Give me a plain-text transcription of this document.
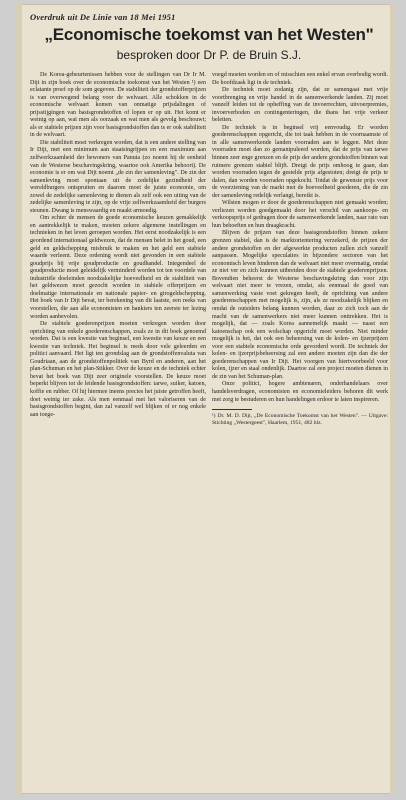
Overdruk uit De Linie van 18 Mei 1951
„Economische toekomst van het Westen"
besproken door Dr P. de Bruin S.J.

De Korea-gebeurtenissen hebben voor de stellingen van Dr Ir M. Dijt in zijn boek over de economische toekomst van het Westen ¹) een eclatante proef op de som gegeven. De stabiliteit der grondstofferprijzen is van overwegend belang voor de welvaart. Alle schokken in de economische welvaart komen van onmatige prijsdalingen of prijsstijgingen van basisgrondstoffen of lopen er op uit. Het komt er weinig op aan, wat men als oorzaak en wat men als gevolg beschouwt; als er stabiele prijzen zijn voor basisgrondstoffen dan is er ook stabiliteit in de welvaart.

Die stabiliteit moet verkregen worden, dat is een andere stelling van Ir Dijt, met een minimum aan staatsingrijpen en een maximum aan zelfwerkzaamheid der bewoners van Panuia (zo noemt hij de eenheid van de Westerse beschavingskring, waartoe ook Amerika behoort). De economie is er om wat Dijt noemt „de zin der samenleving". De zin der samenleving moet spontaan uit de zedelijke gezindheid der wereldburgers ontspruiten en daarom moet de juiste economie, om zowel de zedelijke samenleving te dienen als zelf ook een uiting van de zedelijke samenleving te zijn, op de vrije zelfwerkzaamheid der burgers steunen. Dwang is menswaardig en maakt armoedig.

Om echter de mensen de goede economische keuzen gemakkelijk en aantrekkelijk te maken, moeten zekere algemene instellingen en technieken in het leven geroepen worden. Het eerst noodzakelijk is een geordend internationaal geldwezen, dat de mensen belet in het goud, een geld en geldschepping misbruik te maken en het geld een stabiele waarde verleent. Deze ordening wordt niet gevonden in een stabiele goudprijs bij vrije goudproductie en goudhandel. Integendeel de goudproductie moet geleidelijk verminderd worden tot ten voordele van industriële doeleinden noodzakelijke hoeveelheid en de stabiliteit van het geldwezen moet gezocht worden in stabiele offerprijzen en doelmatige internationale en nationale papier- en girogeldschepping. Het boek van Ir Dijt bevat, ter berekening van dit laatste, een reeks van voorstellen, die aan alle economisten en bankiers ten zeerste ter lezing worden aanbevolen.

De stabiele goederenprijzen moeten verkregen worden door oprichting van enkele goederenschappen, zoals ze in dit boek genoemd worden. Dat is een kwestie van beginsel, een kwestie van keuze en een kwestie van techniek. Het beginsel is reeds door vele geleerden en politici aanvaard. Het ligt ten grondslag aan de grondstoffenvaluta van Goudriaan, aan de grondstoffenpolitiek van Byrd en anderen, aan het plan-Schuman en het plan-Stikker. Over de keuze en de techniek echter bevat het boek van Dijt zeer originele voorstellen. De keuze moet beperkt blijven tot de leidende basisgrondstoffen: tarwe, suiker, katoen, koffie en rubber. Of hij hiermee ineens precies het juiste getroffen heeft, doet weinig ter zake. Als men eenmaal met het valoriseren van de basisgrondstoffen begint, dan zal vanzelf wel blijken of er nog enkele aan toege-

voegd moeten worden en of misschien een enkel ervan overbodig wordt. De hoofdzaak ligt in de techniek.

De techniek moet zodanig zijn, dat ze samengaat met vrije voortbrenging en vrije handel in de samenwerkende landen. Zij moet vanzelf leiden tot de opheffing van de invoerrechten, uitvoerpremies, invoerverboden en contingenteringen, die thans het vrije verkeer beletten.

De techniek is in beginsel vrij eenvoudig. Er worden goederenschappen opgericht, die tot taak hebben in de voornaamste of in alle samenwerkende landen voorraden aan te leggen. Met deze voorraden moet dan zo gemanipuleerd worden, dat de prijs van tarwe binnen zeer enge grenzen en de prijs der andere grondstoffen binnen wat ruimere grenzen stabiel blijft. Dreigt de prijs omhoog te gaan, dan worden voorraden tegen de gestelde prijs afgestoten; dreigt de prijs te dalen, dan worden voorraden opgekocht. Totdat de gewenste prijs voor de voorziening van de markt met de hoeveelheid goederen, die de zin der samenleving redelijk verlangt, bereikt is.

Wilsten mogen er door de goederenschappen niet gemaakt worden; verliezen worden goedgemaakt door het verschil van aankoops- en verkoopsprijs of gedragen door de samenwerkende landen, naar rato van hun behoeften en hun draagkracht.

Blijven de prijzen van deze basisgrondstoffen binnen zekere grenzen stabiel, dan is de marktorientering verzekerd, de prijzen der andere grondstoffen en der afgewerkte producten zullen zich vanzelf aanpassen. Mogelijke speculaties in bijzondere sectoren van het economisch leven hinderen dan de welvaart niet meer overmatig, omdat ze niet ver en zich kunnen uitbreiden door de stabiele goederenprijzen. Bovendien beheerst de Westerse beschavingskring dan voor zijn welvaart niet meer te vrezen, omdat, als eenmaal de goed van samenwerking vaste voet gekregen heeft, de oprichting van andere goederenschappen met mogelijk is, zijn, als ze noodzakelijk blijken en omdat de outsiders belang kunnen worden, daar ze zich toch aan de macht van de samenwerkers niet meer kunnen onttrekken. Het is mogelijk, dat — zoals Korea aannemelijk maakt — naast een katoenschap ook een wolschap opgericht moet worden. Niet minder mogelijk is het, dat ook een beheersing van de kolen- en ijzerprijzen voor een stabiele economische orde gevorderd wordt. De techniek der kolen- en ijzerprijsbeheersing zal een andere moeten zijn dan die der goederenschappen van Ir Dijt. Het voorgen van hiertvoorbeeld voor kolen, ijzer en staal ondenlijk. Daartoe zal een project moeten dienen in de zin van het Schuman-plan.

Onze politici, hogere ambtenaren, onderhandelaars over handelsverdragen, economisten en economieleiders behoren dit werk met zorg te bestuderen en hun handelingen erdoor te laten inspireren.

¹) Dr. M. D. Dijt, „De Economische Toekomst van het Westen". — Uitgave: Stichting „Westergeest", Haarlem, 1951, 482 blz.
